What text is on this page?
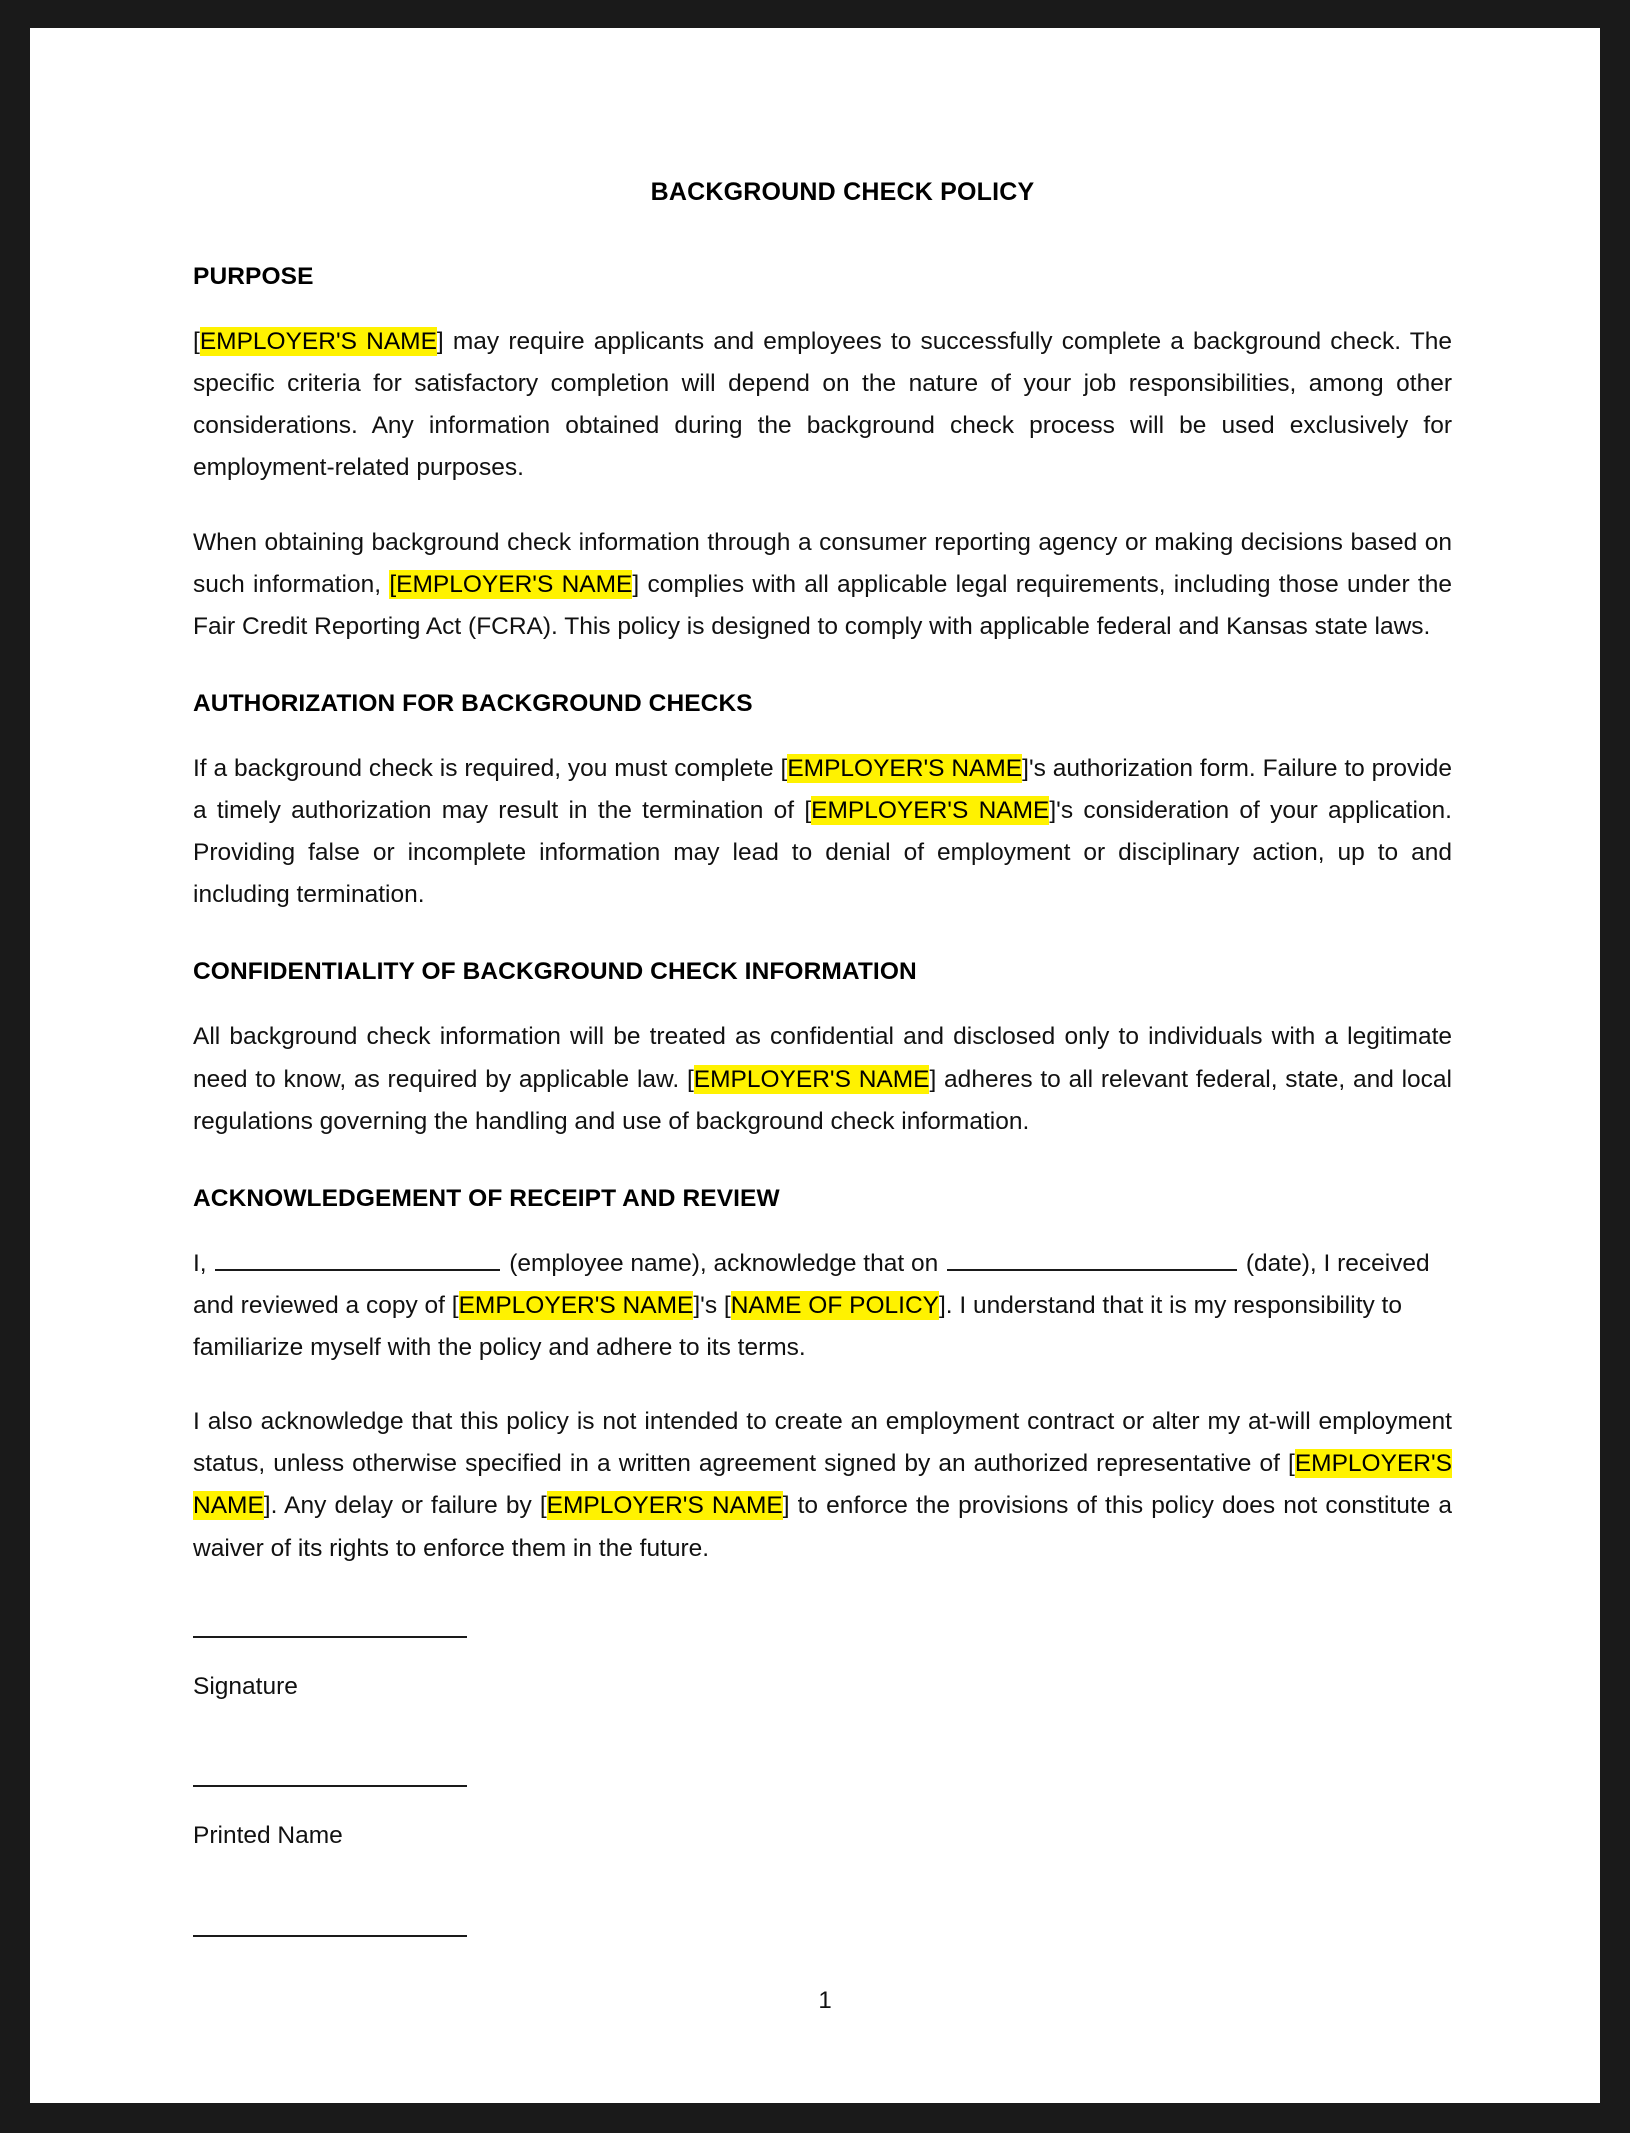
BACKGROUND CHECK POLICY
PURPOSE

[EMPLOYER'S NAME] may require applicants and employees to successfully complete a background check. The specific criteria for satisfactory completion will depend on the nature of your job responsibilities, among other considerations. Any information obtained during the background check process will be used exclusively for employment-related purposes.

When obtaining background check information through a consumer reporting agency or making decisions based on such information, [EMPLOYER'S NAME] complies with all applicable legal requirements, including those under the Fair Credit Reporting Act (FCRA). This policy is designed to comply with applicable federal and Kansas state laws.

AUTHORIZATION FOR BACKGROUND CHECKS

If a background check is required, you must complete [EMPLOYER'S NAME]'s authorization form. Failure to provide a timely authorization may result in the termination of [EMPLOYER'S NAME]'s consideration of your application. Providing false or incomplete information may lead to denial of employment or disciplinary action, up to and including termination.

CONFIDENTIALITY OF BACKGROUND CHECK INFORMATION

All background check information will be treated as confidential and disclosed only to individuals with a legitimate need to know, as required by applicable law. [EMPLOYER'S NAME] adheres to all relevant federal, state, and local regulations governing the handling and use of background check information.

ACKNOWLEDGEMENT OF RECEIPT AND REVIEW

I,	(employee name), acknowledge that on	(date), I received and reviewed a copy of [EMPLOYER'S NAME]'s [NAME OF POLICY]. I understand that it is my responsibility to familiarize myself with the policy and adhere to its terms.

I also acknowledge that this policy is not intended to create an employment contract or alter my at-will employment status, unless otherwise specified in a written agreement signed by an authorized representative of [EMPLOYER'S NAME]. Any delay or failure by [EMPLOYER'S NAME] to enforce the provisions of this policy does not constitute a waiver of its rights to enforce them in the future.

Signature
Printed Name
1
